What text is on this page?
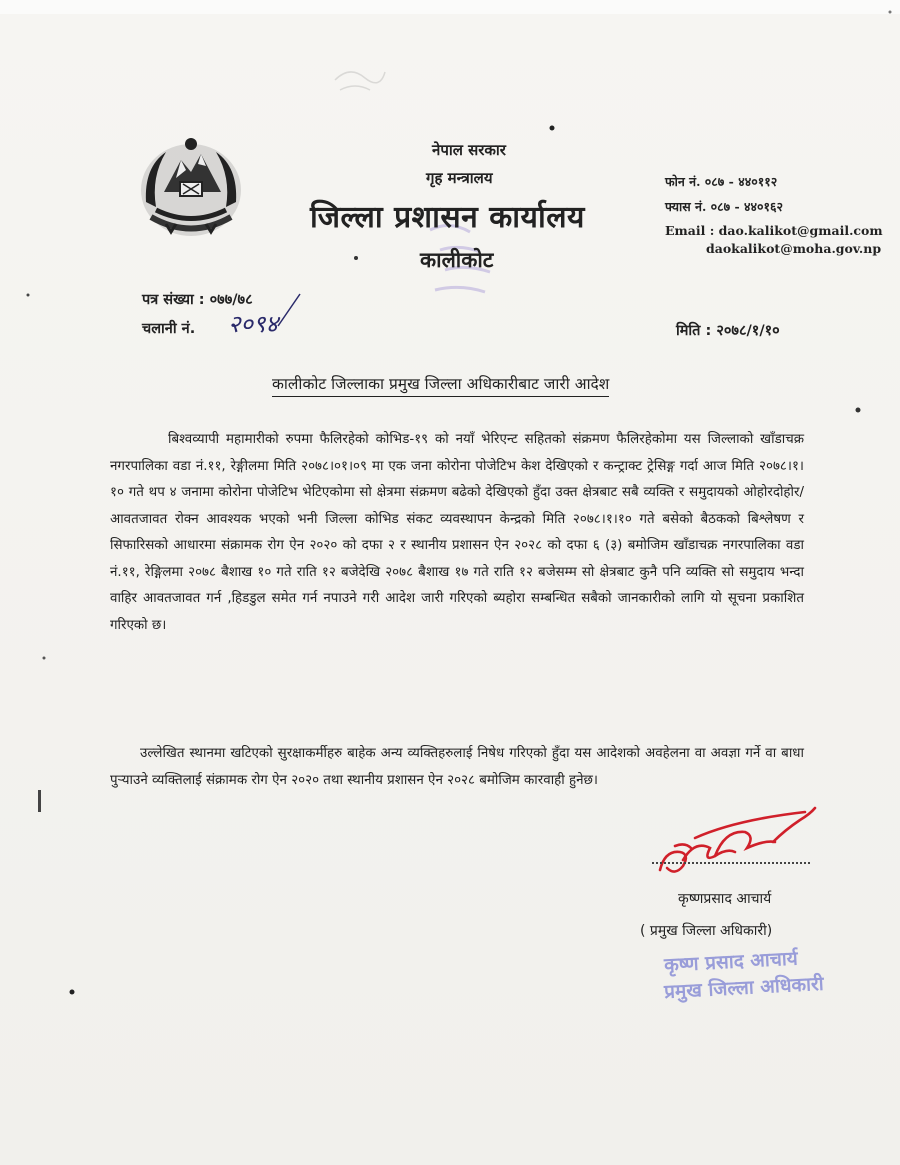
नेपाल सरकार
गृह मन्त्रालय
जिल्ला प्रशासन कार्यालय
कालीकोट
फोन नं. ०८७ - ४४०११२
फ्यास नं. ०८७ - ४४०१६२
Email : dao.kalikot@gmail.com
daokalikot@moha.gov.np
पत्र संख्या : ०७७/७८
चलानी नं. २०९४	मिति : २०७८/१/१०
कालीकोट जिल्लाका प्रमुख जिल्ला अधिकारीबाट जारी आदेश
बिश्वव्यापी महामारीको रुपमा फैलिरहेको कोभिड-१९ को नयाँ भेरिएन्ट सहितको संक्रमण फैलिरहेकोमा यस जिल्लाको खाँडाचक्र नगरपालिका वडा नं.११, रेङ्गीलमा मिति २०७८।०१।०९ मा एक जना कोरोना पोजेटिभ केश देखिएको र कन्ट्राक्ट ट्रेसिङ्ग गर्दा आज मिति २०७८।१।१० गते थप ४ जनामा कोरोना पोजेटिभ भेटिएकोमा सो क्षेत्रमा संक्रमण बढेको देखिएको हुँदा उक्त क्षेत्रबाट सबै व्यक्ति र समुदायको ओहोरदोहोर/आवतजावत रोक्न आवश्यक भएको भनी जिल्ला कोभिड संकट व्यवस्थापन केन्द्रको मिति २०७८।१।१० गते बसेको बैठकको बिश्लेषण र सिफारिसको आधारमा संक्रामक रोग ऐन २०२० को दफा २ र स्थानीय प्रशासन ऐन २०२८ को दफा ६ (३) बमोजिम खाँडाचक्र नगरपालिका वडा नं.११, रेङ्गिलमा २०७८ बैशाख १० गते राति १२ बजेदेखि २०७८ बैशाख १७ गते राति १२ बजेसम्म सो क्षेत्रबाट कुनै पनि व्यक्ति सो समुदाय भन्दा वाहिर आवतजावत गर्न ,हिडडुल समेत गर्न नपाउने गरी आदेश जारी गरिएको ब्यहोरा सम्बन्धित सबैको जानकारीको लागि यो सूचना प्रकाशित गरिएको छ।
उल्लेखित स्थानमा खटिएको सुरक्षाकर्मीहरु बाहेक अन्य व्यक्तिहरुलाई निषेध गरिएको हुँदा यस आदेशको अवहेलना वा अवज्ञा गर्ने वा बाधा पुऱ्याउने व्यक्तिलाई संक्रामक रोग ऐन २०२० तथा स्थानीय प्रशासन ऐन २०२८ बमोजिम कारवाही हुनेछ।
कृष्णप्रसाद आचार्य
( प्रमुख जिल्ला अधिकारी)
कृष्ण प्रसाद आचार्य
प्रमुख जिल्ला अधिकारी
